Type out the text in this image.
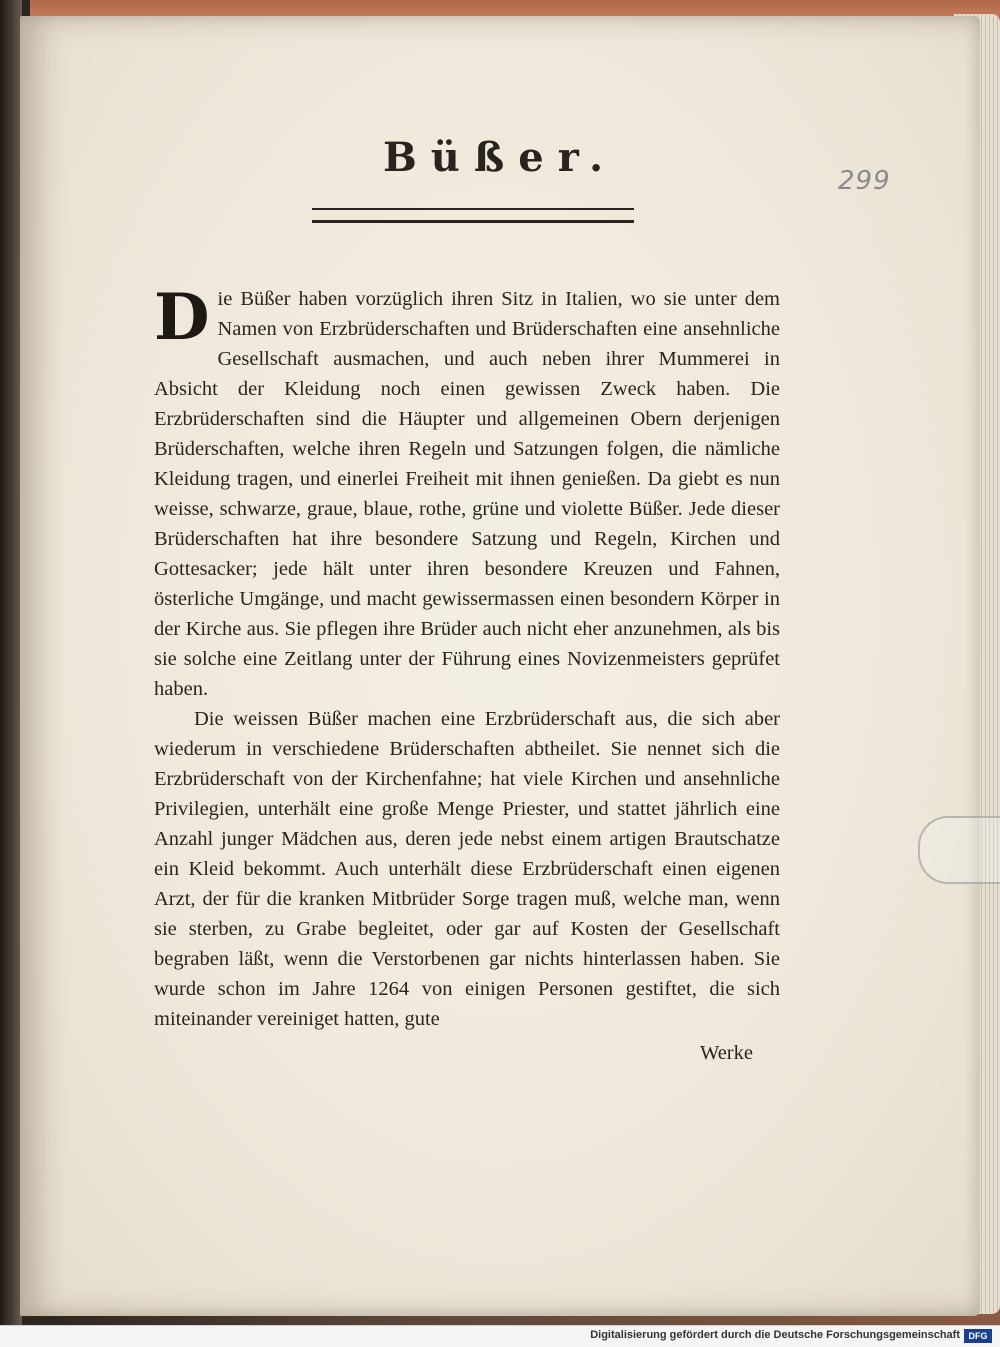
Büßer.	299

Die Büßer haben vorzüglich ihren Sitz in Italien, wo sie unter dem Namen von Erzbrüderschaften und Brüderschaften eine ansehnliche Gesellschaft ausmachen, und auch neben ihrer Mummerei in Absicht der Kleidung noch einen gewissen Zweck haben. Die Erzbrüderschaften sind die Häupter und allgemeinen Obern derjenigen Brüderschaften, welche ihren Regeln und Satzungen folgen, die nämliche Kleidung tragen, und einerlei Freiheit mit ihnen genießen. Da giebt es nun weisse, schwarze, graue, blaue, rothe, grüne und violette Büßer. Jede dieser Brüderschaften hat ihre besondere Satzung und Regeln, Kirchen und Gottesacker; jede hält unter ihren besondere Kreuzen und Fahnen, österliche Umgänge, und macht gewissermassen einen besondern Körper in der Kirche aus. Sie pflegen ihre Brüder auch nicht eher anzunehmen, als bis sie solche eine Zeitlang unter der Führung eines Novizenmeisters geprüfet haben.

Die weissen Büßer machen eine Erzbrüderschaft aus, die sich aber wiederum in verschiedene Brüderschaften abtheilet. Sie nennet sich die Erzbrüderschaft von der Kirchenfahne; hat viele Kirchen und ansehnliche Privilegien, unterhält eine große Menge Priester, und stattet jährlich eine Anzahl junger Mädchen aus, deren jede nebst einem artigen Brautschatze ein Kleid bekommt. Auch unterhält diese Erzbrüderschaft einen eigenen Arzt, der für die kranken Mitbrüder Sorge tragen muß, welche man, wenn sie sterben, zu Grabe begleitet, oder gar auf Kosten der Gesellschaft begraben läßt, wenn die Verstorbenen gar nichts hinterlassen haben. Sie wurde schon im Jahre 1264 von einigen Personen gestiftet, die sich miteinander vereiniget hatten, gute

Werke
Digitalisierung gefördert durch die Deutsche Forschungsgemeinschaft DFG
